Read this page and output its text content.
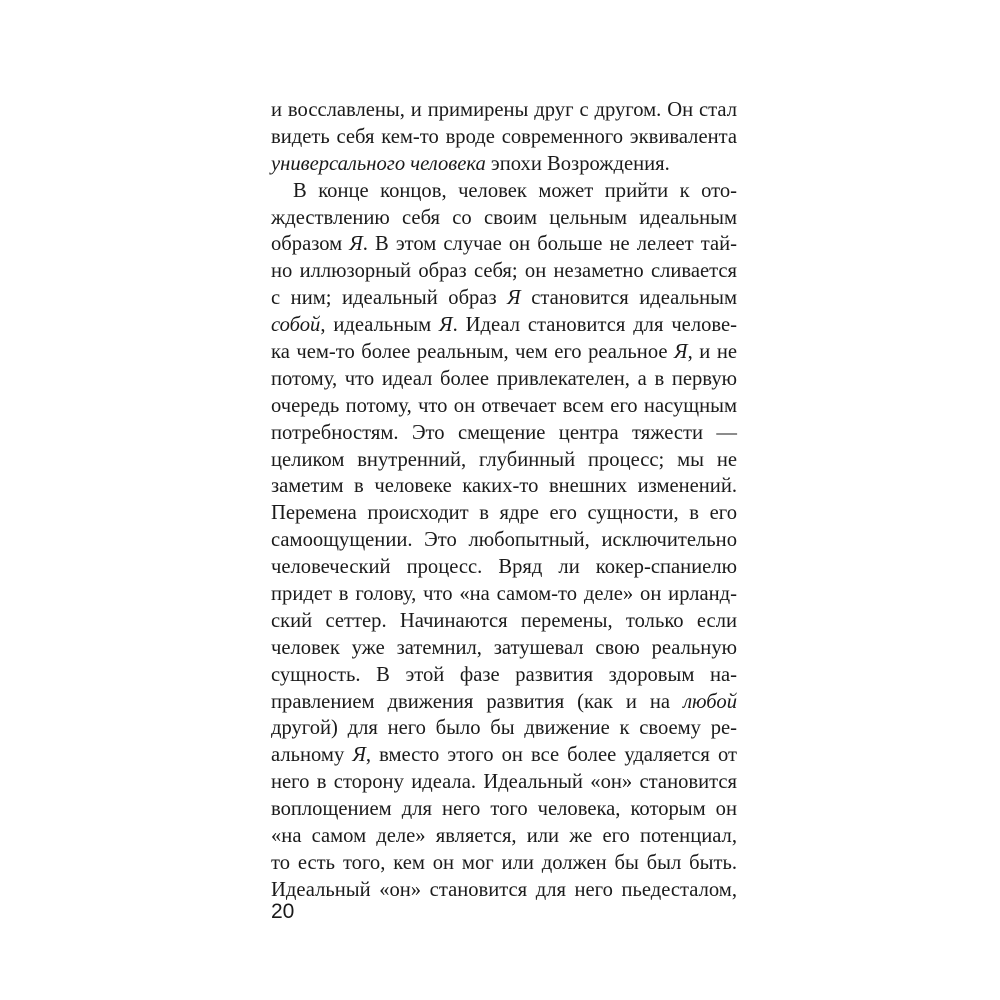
и восславлены, и примирены друг с другом. Он стал
видеть себя кем-то вроде современного эквивалента
универсального человека эпохи Возрождения.
В конце концов, человек может прийти к ото-
ждествлению себя со своим цельным идеальным
образом Я. В этом случае он больше не лелеет тай-
но иллюзорный образ себя; он незаметно сливается
с ним; идеальный образ Я становится идеальным
собой, идеальным Я. Идеал становится для челове-
ка чем-то более реальным, чем его реальное Я, и не
потому, что идеал более привлекателен, а в первую
очередь потому, что он отвечает всем его насущным
потребностям. Это смещение центра тяжести —
целиком внутренний, глубинный процесс; мы не
заметим в человеке каких-то внешних изменений.
Перемена происходит в ядре его сущности, в его
самоощущении. Это любопытный, исключительно
человеческий процесс. Вряд ли кокер-спаниелю
придет в голову, что «на самом-то деле» он ирланд-
ский сеттер. Начинаются перемены, только если
человек уже затемнил, затушевал свою реальную
сущность. В этой фазе развития здоровым на-
правлением движения развития (как и на любой
другой) для него было бы движение к своему ре-
альному Я, вместо этого он все более удаляется от
него в сторону идеала. Идеальный «он» становится
воплощением для него того человека, которым он
«на самом деле» является, или же его потенциал,
то есть того, кем он мог или должен бы был быть.
Идеальный «он» становится для него пьедесталом,
20
